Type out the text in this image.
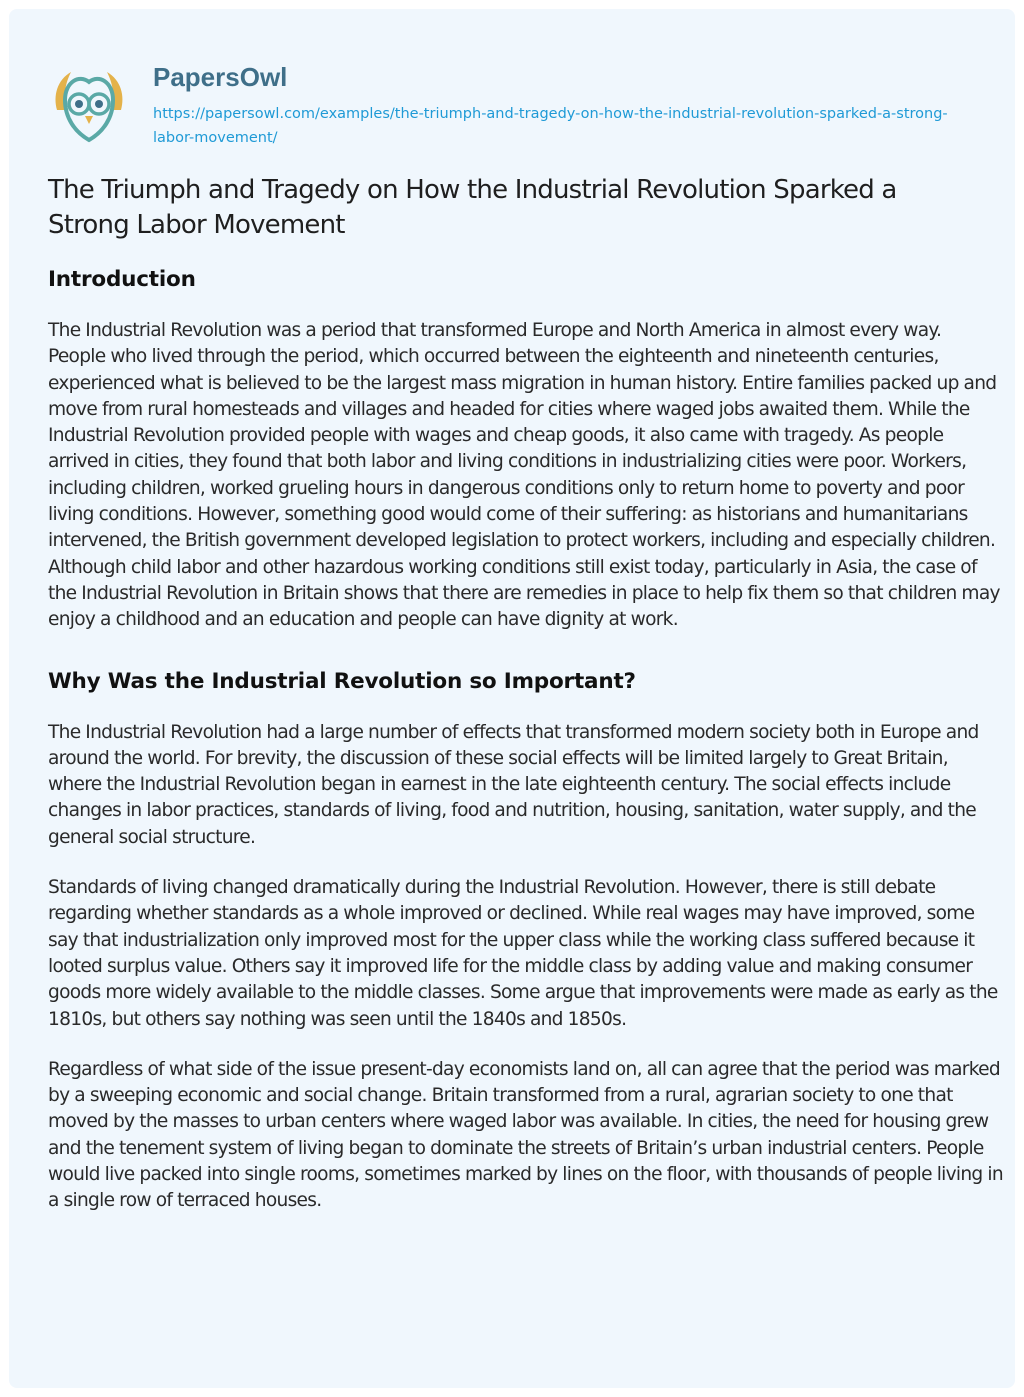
PapersOwl
https://papersowl.com/examples/the-triumph-and-tragedy-on-how-the-industrial-revolution-sparked-a-strong-labor-movement/
The Triumph and Tragedy on How the Industrial Revolution Sparked a Strong Labor Movement
Introduction

The Industrial Revolution was a period that transformed Europe and North America in almost every way. People who lived through the period, which occurred between the eighteenth and nineteenth centuries, experienced what is believed to be the largest mass migration in human history. Entire families packed up and move from rural homesteads and villages and headed for cities where waged jobs awaited them. While the Industrial Revolution provided people with wages and cheap goods, it also came with tragedy. As people arrived in cities, they found that both labor and living conditions in industrializing cities were poor. Workers, including children, worked grueling hours in dangerous conditions only to return home to poverty and poor living conditions. However, something good would come of their suffering: as historians and humanitarians intervened, the British government developed legislation to protect workers, including and especially children. Although child labor and other hazardous working conditions still exist today, particularly in Asia, the case of the Industrial Revolution in Britain shows that there are remedies in place to help fix them so that children may enjoy a childhood and an education and people can have dignity at work.

Why Was the Industrial Revolution so Important?

The Industrial Revolution had a large number of effects that transformed modern society both in Europe and around the world. For brevity, the discussion of these social effects will be limited largely to Great Britain, where the Industrial Revolution began in earnest in the late eighteenth century. The social effects include changes in labor practices, standards of living, food and nutrition, housing, sanitation, water supply, and the general social structure.

Standards of living changed dramatically during the Industrial Revolution. However, there is still debate regarding whether standards as a whole improved or declined. While real wages may have improved, some say that industrialization only improved most for the upper class while the working class suffered because it looted surplus value. Others say it improved life for the middle class by adding value and making consumer goods more widely available to the middle classes. Some argue that improvements were made as early as the 1810s, but others say nothing was seen until the 1840s and 1850s.

Regardless of what side of the issue present-day economists land on, all can agree that the period was marked by a sweeping economic and social change. Britain transformed from a rural, agrarian society to one that moved by the masses to urban centers where waged labor was available. In cities, the need for housing grew and the tenement system of living began to dominate the streets of Britain’s urban industrial centers. People would live packed into single rooms, sometimes marked by lines on the floor, with thousands of people living in a single row of terraced houses.
